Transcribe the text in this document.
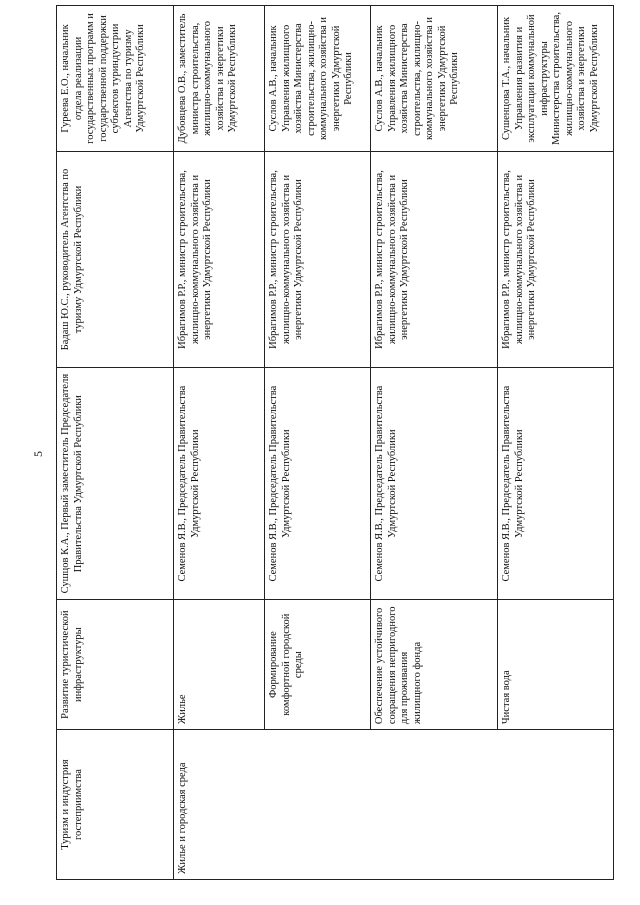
5
Туризм и индустрия гостеприимства	Развитие туристической инфраструктуры	Сушцов К.А., Первый заместитель Председателя Правительства Удмуртской Республики	Бадаш Ю.С., руководитель Агентства по туризму Удмуртской Республики	Гуреева Е.О., начальник отдела реализации государственных программ и государственной поддержки субъектов туриндустрии Агентства по туризму Удмуртской Республики
Жилье и городская среда	Жилье	Семенов Я.В., Председатель Правительства Удмуртской Республики	Ибрагимов Р.Р., министр строительства, жилищно-коммунального хозяйства и энергетики Удмуртской Республики	Дубовцева О.В., заместитель министра строительства, жилищно-коммунального хозяйства и энергетики Удмуртской Республики
	Формирование комфортной городской среды	Семенов Я.В., Председатель Правительства Удмуртской Республики	Ибрагимов Р.Р., министр строительства, жилищно-коммунального хозяйства и энергетики Удмуртской Республики	Суслов А.В., начальник Управления жилищного хозяйства Министерства строительства, жилищно-коммунального хозяйства и энергетики Удмуртской Республики
	Обеспечение устойчивого сокращения непригодного для проживания жилищного фонда	Семенов Я.В., Председатель Правительства Удмуртской Республики	Ибрагимов Р.Р., министр строительства, жилищно-коммунального хозяйства и энергетики Удмуртской Республики	Суслов А.В., начальник Управления жилищного хозяйства Министерства строительства, жилищно-коммунального хозяйства и энергетики Удмуртской Республики
	Чистая вода	Семенов Я.В., Председатель Правительства Удмуртской Республики	Ибрагимов Р.Р., министр строительства, жилищно-коммунального хозяйства и энергетики Удмуртской Республики	Сушенцова Т.А., начальник Управления развития и эксплуатации коммунальной инфраструктуры Министерства строительства, жилищно-коммунального хозяйства и энергетики Удмуртской Республики
